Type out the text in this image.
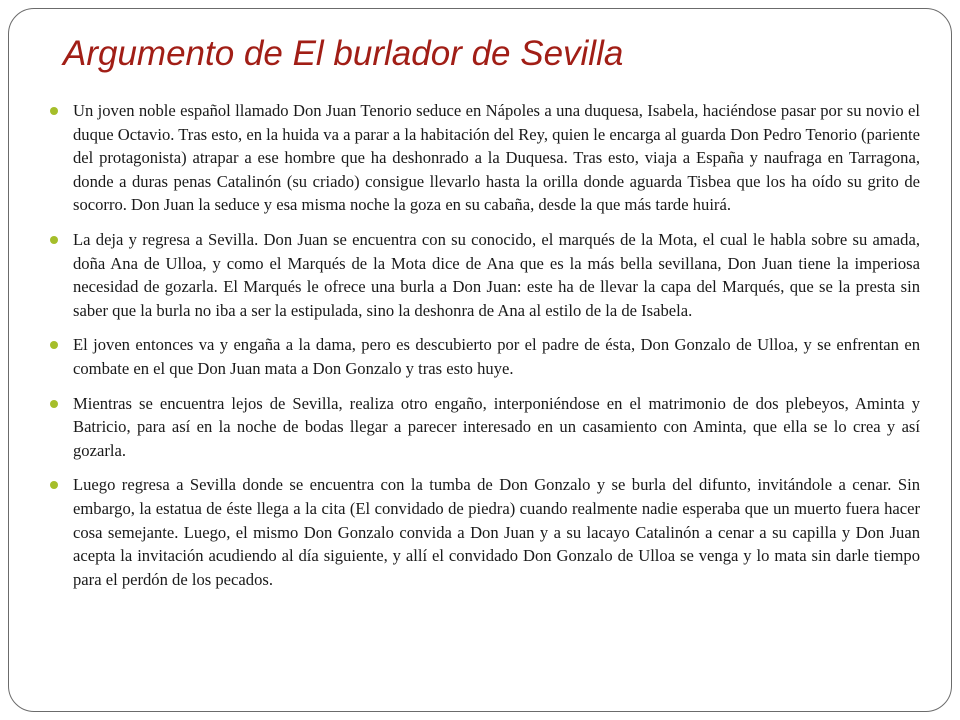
Argumento de El burlador de Sevilla
Un joven noble español llamado Don Juan Tenorio seduce en Nápoles a una duquesa, Isabela, haciéndose pasar por su novio el duque Octavio. Tras esto, en la huida va a parar a la habitación del Rey, quien le encarga al guarda Don Pedro Tenorio (pariente del protagonista) atrapar a ese hombre que ha deshonrado a la Duquesa. Tras esto, viaja a España y naufraga en Tarragona, donde a duras penas Catalinón (su criado) consigue llevarlo hasta la orilla donde aguarda Tisbea que los ha oído su grito de socorro. Don Juan la seduce y esa misma noche la goza en su cabaña, desde la que más tarde huirá.
La deja y regresa a Sevilla. Don Juan se encuentra con su conocido, el marqués de la Mota, el cual le habla sobre su amada, doña Ana de Ulloa, y como el Marqués de la Mota dice de Ana que es la más bella sevillana, Don Juan tiene la imperiosa necesidad de gozarla. El Marqués le ofrece una burla a Don Juan: este ha de llevar la capa del Marqués, que se la presta sin saber que la burla no iba a ser la estipulada, sino la deshonra de Ana al estilo de la de Isabela.
El joven entonces va y engaña a la dama, pero es descubierto por el padre de ésta, Don Gonzalo de Ulloa, y se enfrentan en combate en el que Don Juan mata a Don Gonzalo y tras esto huye.
Mientras se encuentra lejos de Sevilla, realiza otro engaño, interponiéndose en el matrimonio de dos plebeyos, Aminta y Batricio, para así en la noche de bodas llegar a parecer interesado en un casamiento con Aminta, que ella se lo crea y así gozarla.
Luego regresa a Sevilla donde se encuentra con la tumba de Don Gonzalo y se burla del difunto, invitándole a cenar. Sin embargo, la estatua de éste llega a la cita (El convidado de piedra) cuando realmente nadie esperaba que un muerto fuera hacer cosa semejante. Luego, el mismo Don Gonzalo convida a Don Juan y a su lacayo Catalinón a cenar a su capilla y Don Juan acepta la invitación acudiendo al día siguiente, y allí el convidado Don Gonzalo de Ulloa se venga y lo mata sin darle tiempo para el perdón de los pecados.
